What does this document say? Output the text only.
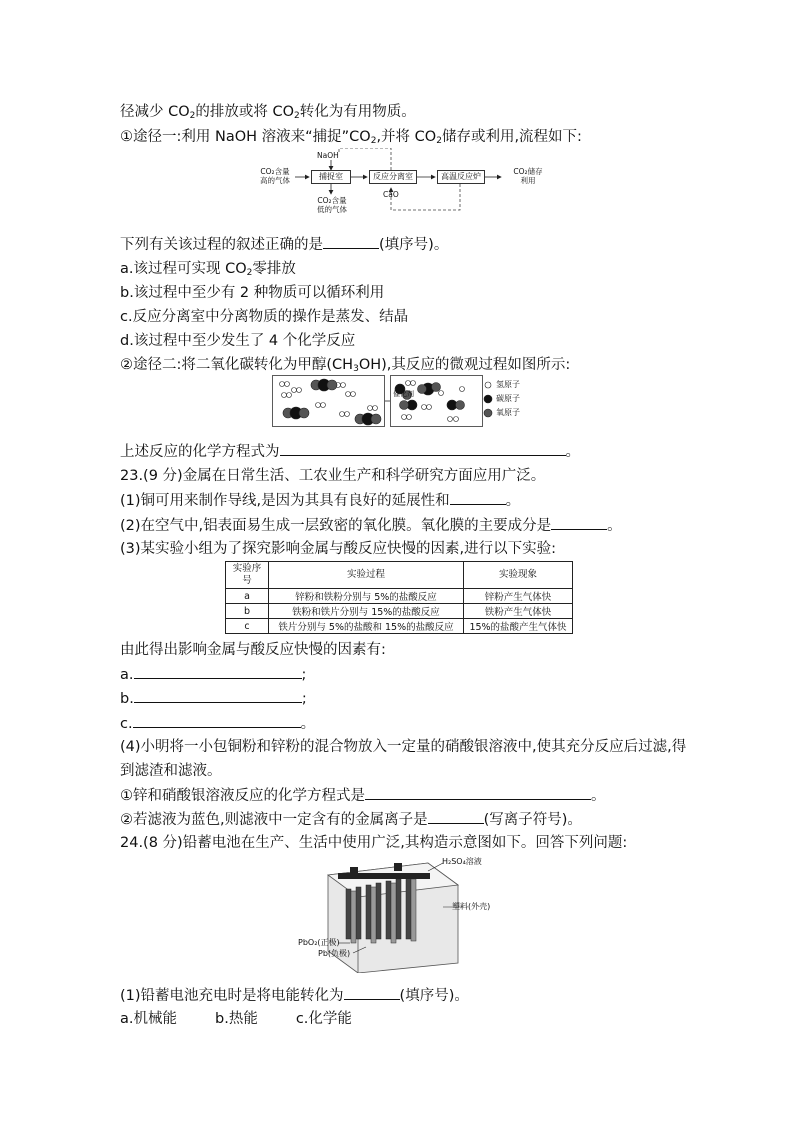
径减少 $CO_2$的排放或将 $CO_2$转化为有用物质。
①途径一:利用 NaOH 溶液来“捕捉$”CO_2$,并将 $CO_2$储存或利用,流程如下:
CO₂含量
高的气体
NaOH
捕捉室	反应分离室	高温反应炉
CO₂储存
利用
CaO
CO₂含量
低的气体
下列有关该过程的叙述正确的是	(填序号)。
a.该过程可实现 $CO_2$零排放
b.该过程中至少有 2 种物质可以循环利用
c.反应分离室中分离物质的操作是蒸发、结晶
d.该过程中至少发生了 4 个化学反应
②途径二:将二氧化碳转化为甲醇$(CH_3OH)$,其反应的微观过程如图所示:
催化剂
氢原子
碳原子
氧原子
上述反应的化学方程式为	。
23.(9 分)金属在日常生活、工农业生产和科学研究方面应用广泛。
(1)铜可用来制作导线,是因为其具有良好的延展性和	。
(2)在空气中,铝表面易生成一层致密的氧化膜。氧化膜的主要成分是	。
(3)某实验小组为了探究影响金属与酸反应快慢的因素,进行以下实验:
实验序号	实验过程	实验现象
a	锌粉和铁粉分别与 5%的盐酸反应	锌粉产生气体快
b	铁粉和铁片分别与 15%的盐酸反应	铁粉产生气体快
c	铁片分别与 5%的盐酸和 15%的盐酸反应	15%的盐酸产生气体快
由此得出影响金属与酸反应快慢的因素有:
a.	;
b.	;
c.	。
(4)小明将一小包铜粉和锌粉的混合物放入一定量的硝酸银溶液中,使其充分反应后过滤,得
到滤渣和滤液。
①锌和硝酸银溶液反应的化学方程式是	。
②若滤液为蓝色,则滤液中一定含有的金属离子是	(写离子符号)。
24.(8 分)铅蓄电池在生产、生活中使用广泛,其构造示意图如下。回答下列问题:
H₂SO₄溶液
塑料(外壳)
PbO₂(正极)
Pb(负极)
(1)铅蓄电池充电时是将电能转化为	(填序号)。
a.机械能	b.热能	c.化学能
